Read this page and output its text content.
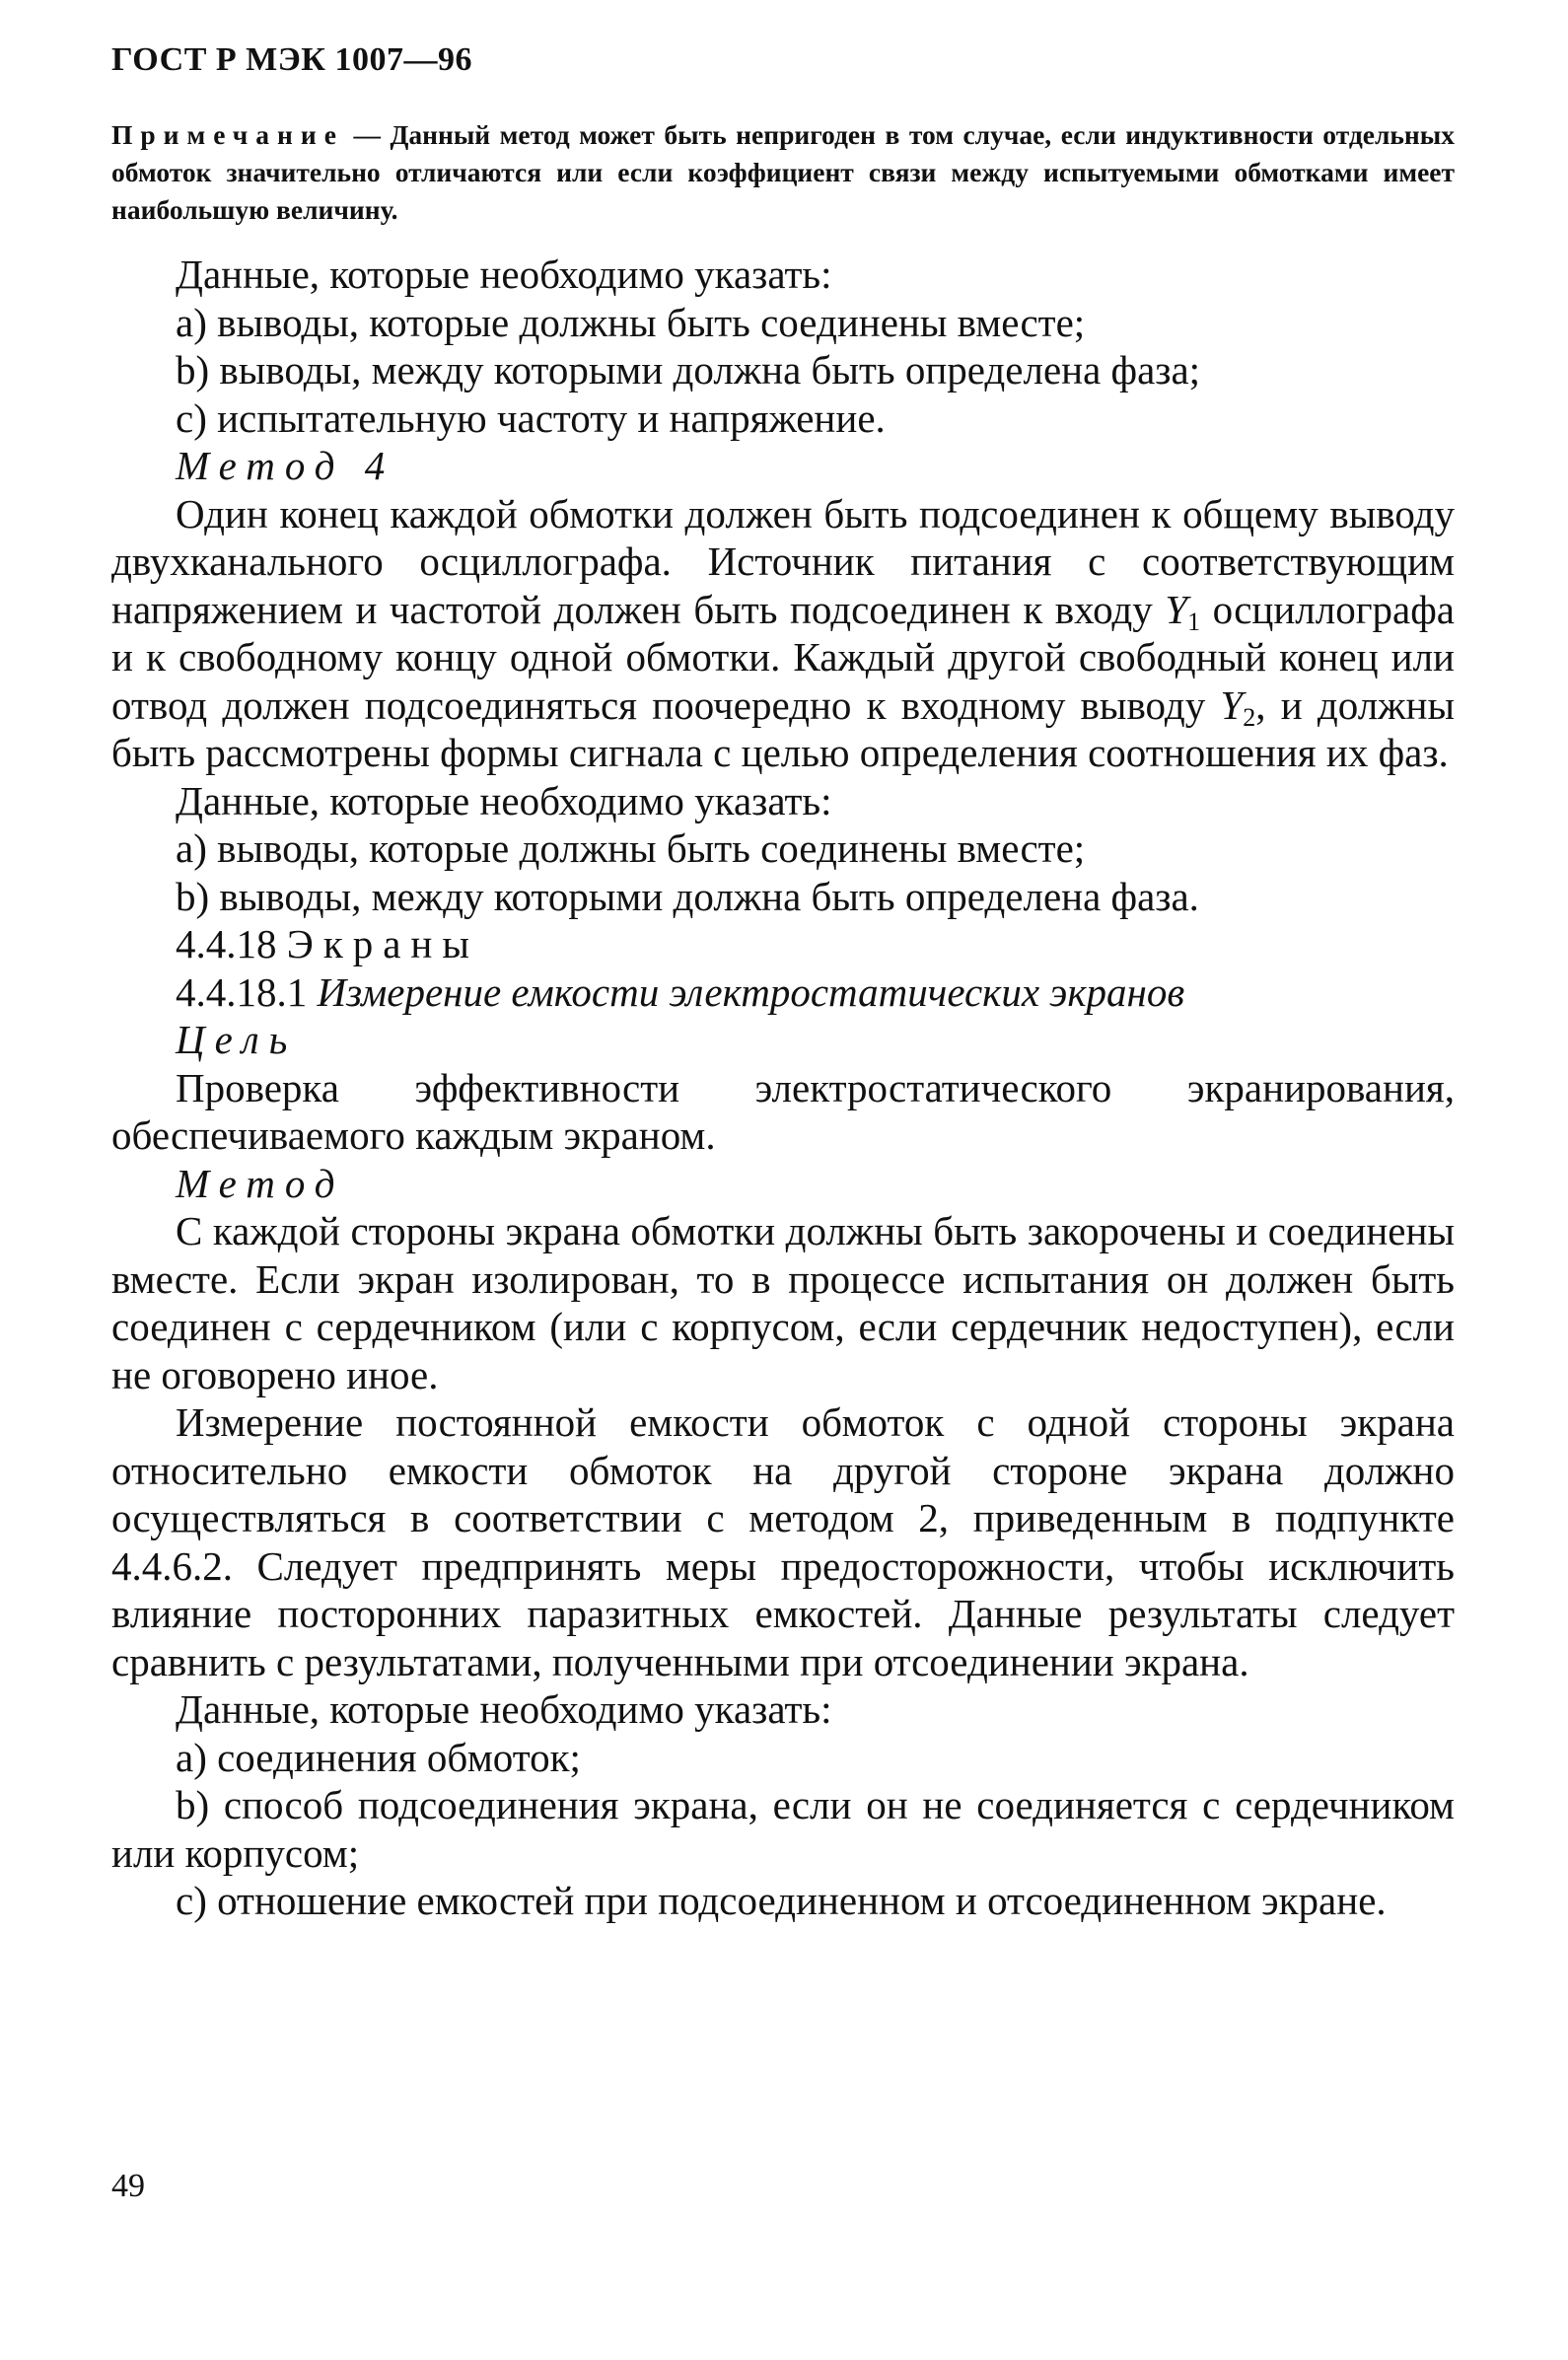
ГОСТ Р МЭК 1007—96
Примечание — Данный метод может быть непригоден в том случае, если индуктивности отдельных обмоток значительно отличаются или если коэффициент связи между испытуемыми обмотками имеет наибольшую величину.

Данные, которые необходимо указать:

а) выводы, которые должны быть соединены вместе;

b) выводы, между которыми должна быть определена фаза;

с) испытательную частоту и напряжение.

Метод 4

Один конец каждой обмотки должен быть подсоединен к общему выводу двухканального осциллографа. Источник питания с соответствующим напряжением и частотой должен быть подсоединен к входу $Y_1$ осциллографа и к свободному концу одной обмотки. Каждый другой свободный конец или отвод должен подсоединяться поочередно к входному выводу $Y_2$, и должны быть рассмотрены формы сигнала с целью определения соотношения их фаз.

Данные, которые необходимо указать:

а) выводы, которые должны быть соединены вместе;

b) выводы, между которыми должна быть определена фаза.

4.4.18 Экраны

4.4.18.1 Измерение емкости электростатических экранов

Цель

Проверка эффективности электростатического экранирования, обеспечиваемого каждым экраном.

Метод

С каждой стороны экрана обмотки должны быть закорочены и соединены вместе. Если экран изолирован, то в процессе испытания он должен быть соединен с сердечником (или с корпусом, если сердечник недоступен), если не оговорено иное.

Измерение постоянной емкости обмоток с одной стороны экрана относительно емкости обмоток на другой стороне экрана должно осуществляться в соответствии с методом 2, приведенным в подпункте 4.4.6.2. Следует предпринять меры предосторожности, чтобы исключить влияние посторонних паразитных емкостей. Данные результаты следует сравнить с результатами, полученными при отсоединении экрана.

Данные, которые необходимо указать:

а) соединения обмоток;

b) способ подсоединения экрана, если он не соединяется с сердечником или корпусом;

с) отношение емкостей при подсоединенном и отсоединенном экране.

49
